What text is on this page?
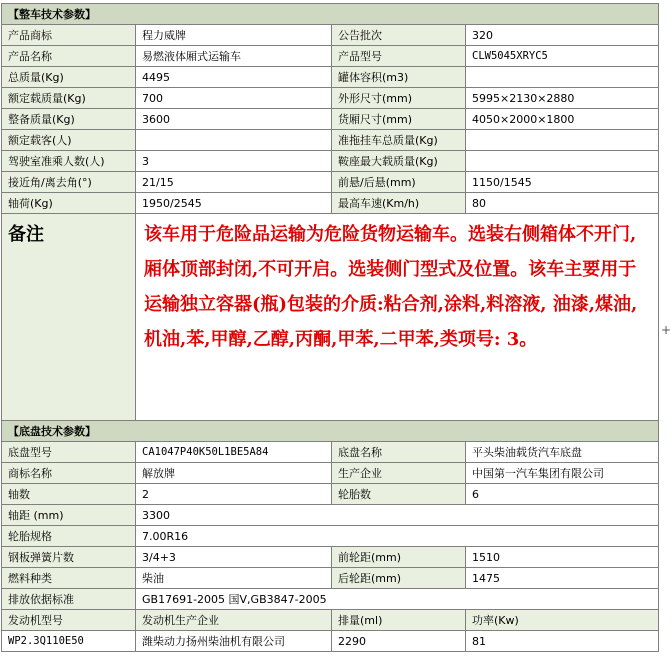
【整车技术参数】			
产品商标	程力威牌	公告批次	320
产品名称	易燃液体厢式运输车	产品型号	CLW5045XRYC5
总质量(Kg)	4495	罐体容积(m3)	
额定载质量(Kg)	700	外形尺寸(mm)	5995×2130×2880
整备质量(Kg)	3600	货厢尺寸(mm)	4050×2000×1800
额定载客(人)		准拖挂车总质量(Kg)	
驾驶室准乘人数(人)	3	鞍座最大载质量(Kg)	
接近角/离去角(°)	21/15	前悬/后悬(mm)	1150/1545
轴荷(Kg)	1950/2545	最高车速(Km/h)	80
备注	该车用于危险品运输为危险货物运输车。选装右侧箱体不开门,厢体顶部封闭,不可开启。选装侧门型式及位置。该车主要用于运输独立容器(瓶)包装的介质:粘合剂,涂料,料溶液, 油漆,煤油,机油,苯,甲醇,乙醇,丙酮,甲苯,二甲苯,类项号: 3。		
【底盘技术参数】			
底盘型号	CA1047P40K50L1BE5A84	底盘名称	平头柴油载货汽车底盘
商标名称	解放牌	生产企业	中国第一汽车集团有限公司
轴数	2	轮胎数	6
轴距 (mm)	3300		
轮胎规格	7.00R16		
钢板弹簧片数	3/4+3	前轮距(mm)	1510
燃料种类	柴油	后轮距(mm)	1475
排放依据标准	GB17691-2005 国Ⅴ,GB3847-2005		
发动机型号	发动机生产企业	排量(ml)	功率(Kw)
WP2.3Q110E50	潍柴动力扬州柴油机有限公司	2290	81
+
